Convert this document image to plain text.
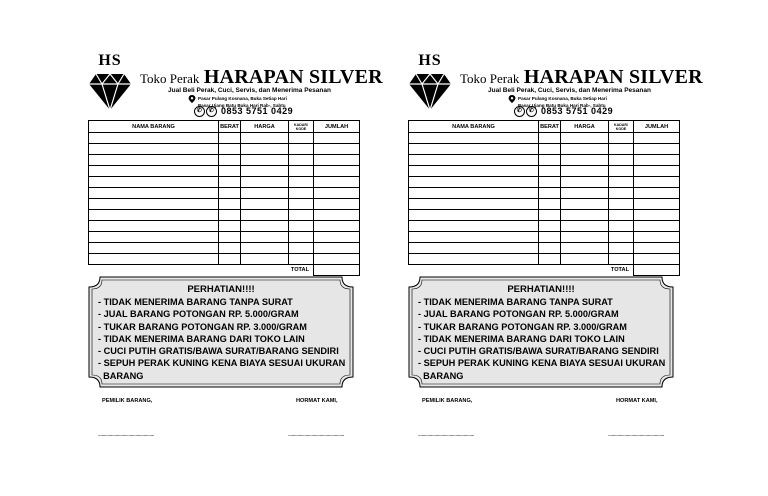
HS
Toko Perak HARAPAN SILVER
Jual Beli Perak, Cuci, Servis, dan Menerima Pesanan
Pasar Pulang Kosnana, Buka Setiap Hari
Pasar Ujang Batu Buka Hari Rab-, Sabtu
✆ ✆ 0853 5751 0429
NAMA BARANG	BERAT	HARGA	KADAR/ KODE	JUMLAH

TOTAL				
PERHATIAN!!!!
- TIDAK MENERIMA BARANG TANPA SURAT
- JUAL BARANG POTONGAN RP. 5.000/GRAM
- TUKAR BARANG POTONGAN RP. 3.000/GRAM
- TIDAK MENERIMA BARANG DARI TOKO LAIN
- CUCI PUTIH GRATIS/BAWA SURAT/BARANG SENDIRI
- SEPUH PERAK KUNING KENA BIAYA SESUAI UKURAN
BARANG
PEMILIK BARANG,	HORMAT KAMI,
................................................	................................................
HS
Toko Perak HARAPAN SILVER
Jual Beli Perak, Cuci, Servis, dan Menerima Pesanan
Pasar Pulang Kosnana, Buka Setiap Hari
Pasar Ujang Batu Buka Hari Rab-, Sabtu
✆ ✆ 0853 5751 0429
NAMA BARANG	BERAT	HARGA	KADAR/ KODE	JUMLAH

TOTAL				
PERHATIAN!!!!
- TIDAK MENERIMA BARANG TANPA SURAT
- JUAL BARANG POTONGAN RP. 5.000/GRAM
- TUKAR BARANG POTONGAN RP. 3.000/GRAM
- TIDAK MENERIMA BARANG DARI TOKO LAIN
- CUCI PUTIH GRATIS/BAWA SURAT/BARANG SENDIRI
- SEPUH PERAK KUNING KENA BIAYA SESUAI UKURAN
BARANG
PEMILIK BARANG,	HORMAT KAMI,
................................................	................................................
